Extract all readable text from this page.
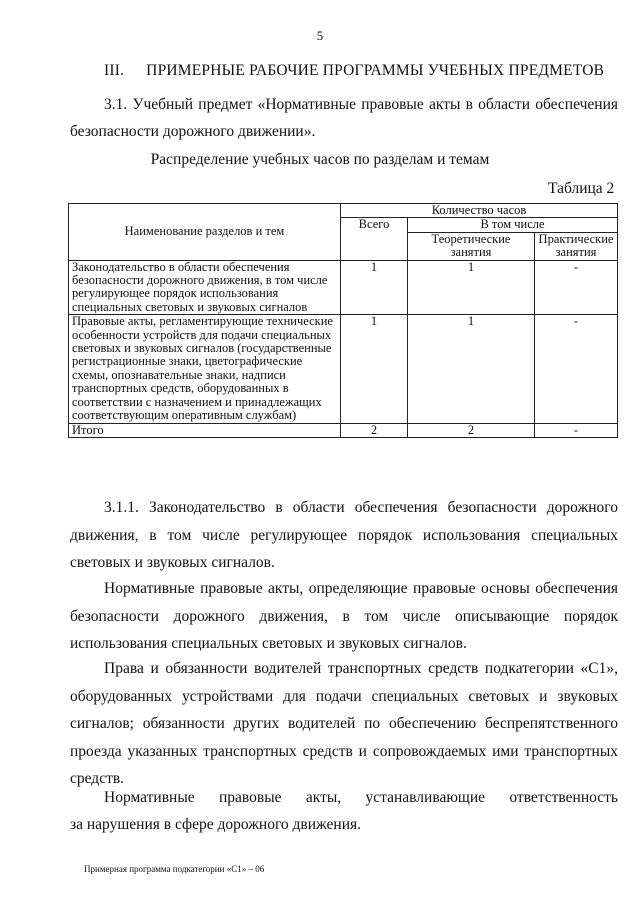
5
III. ПРИМЕРНЫЕ РАБОЧИЕ ПРОГРАММЫ УЧЕБНЫХ ПРЕДМЕТОВ
3.1. Учебный предмет «Нормативные правовые акты в области обеспечения безопасности дорожного движении».
Распределение учебных часов по разделам и темам
Таблица 2
Наименование разделов и тем	Количество часов		
	Всего	В том числе	
		Теоретические занятия	Практические занятия
Законодательство в области обеспечения безопасности дорожного движения, в том числе регулирующее порядок использования специальных световых и звуковых сигналов	1	1	-
Правовые акты, регламентирующие технические особенности устройств для подачи специальных световых и звуковых сигналов (государственные регистрационные знаки, цветографические схемы, опознавательные знаки, надписи транспортных средств, оборудованных в соответствии с назначением и принадлежащих соответствующим оперативным службам)	1	1	-
Итого	2	2	-

3.1.1. Законодательство в области обеспечения безопасности дорожного движения, в том числе регулирующее порядок использования специальных световых и звуковых сигналов.

Нормативные правовые акты, определяющие правовые основы обеспечения безопасности дорожного движения, в том числе описывающие порядок использования специальных световых и звуковых сигналов.

Права и обязанности водителей транспортных средств подкатегории «С1», оборудованных устройствами для подачи специальных световых и звуковых сигналов; обязанности других водителей по обеспечению беспрепятственного проезда указанных транспортных средств и сопровождаемых ими транспортных средств.

Нормативные правовые акты, устанавливающие ответственность

за нарушения в сфере дорожного движения.

Примерная программа подкатегории «С1» – 06
